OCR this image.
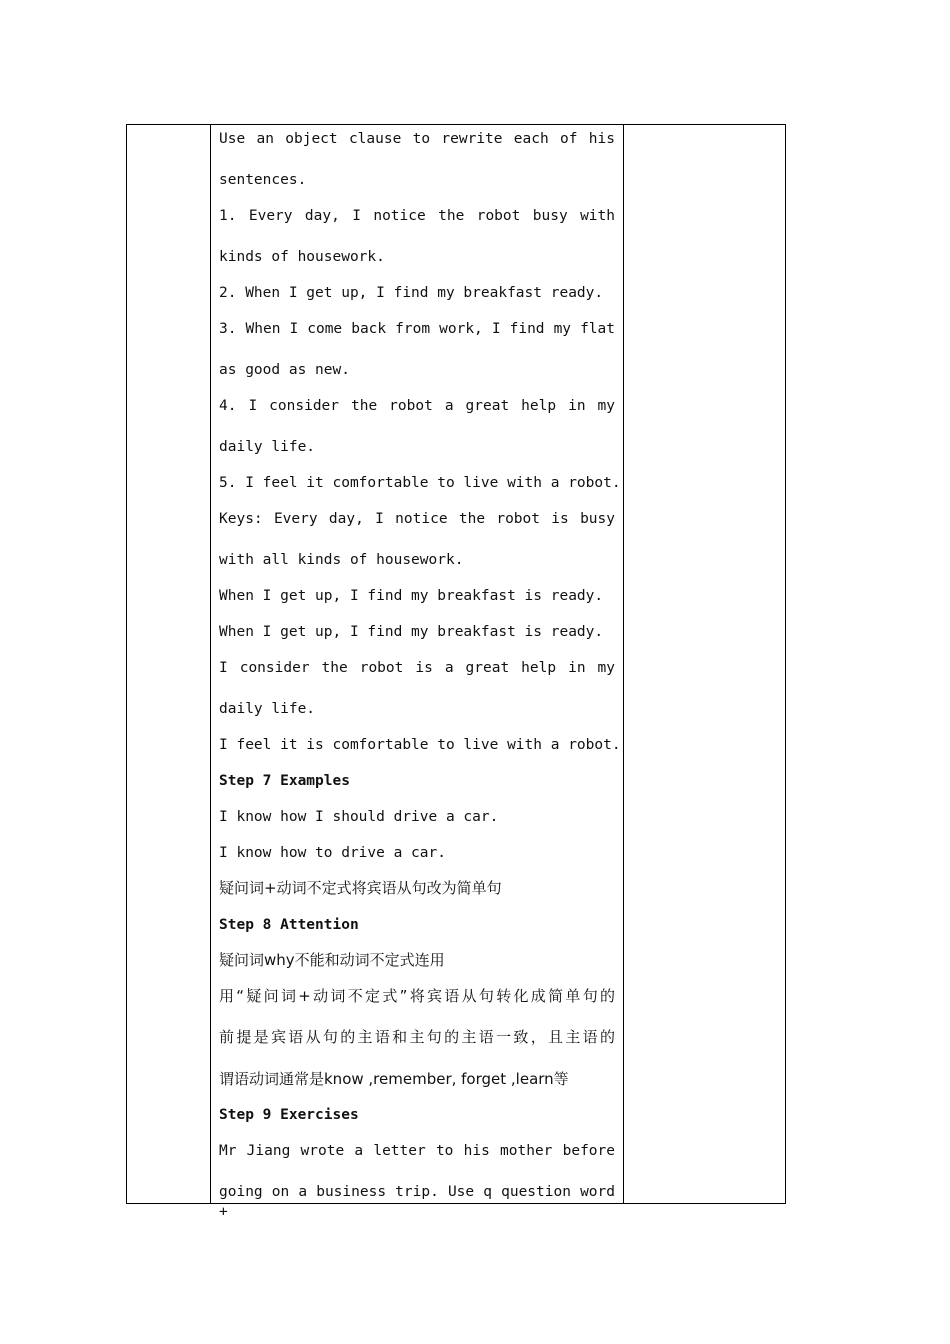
Use an object clause to rewrite each of his
sentences.
1. Every day, I notice the robot busy with
kinds of housework.
2. When I get up, I find my breakfast ready.
3. When I come back from work, I find my flat
as good as new.
4. I consider the robot a great help in my
daily life.
5. I feel it comfortable to live with a robot.
Keys: Every day, I notice the robot is busy
with all kinds of housework.
When I get up, I find my breakfast is ready.
When I get up, I find my breakfast is ready.
I consider the robot is a great help in my
daily life.
I feel it is comfortable to live with a robot.
Step 7 Examples
I know how I should drive a car.
I know how to drive a car.
疑问词+动词不定式将宾语从句改为简单句
Step 8 Attention
疑问词why不能和动词不定式连用
用“疑问词+动词不定式”将宾语从句转化成简单句的
前提是宾语从句的主语和主句的主语一致，且主语的
谓语动词通常是know ,remember, forget ,learn等
Step 9 Exercises
Mr Jiang wrote a letter to his mother before
going on a business trip. Use q question word +
